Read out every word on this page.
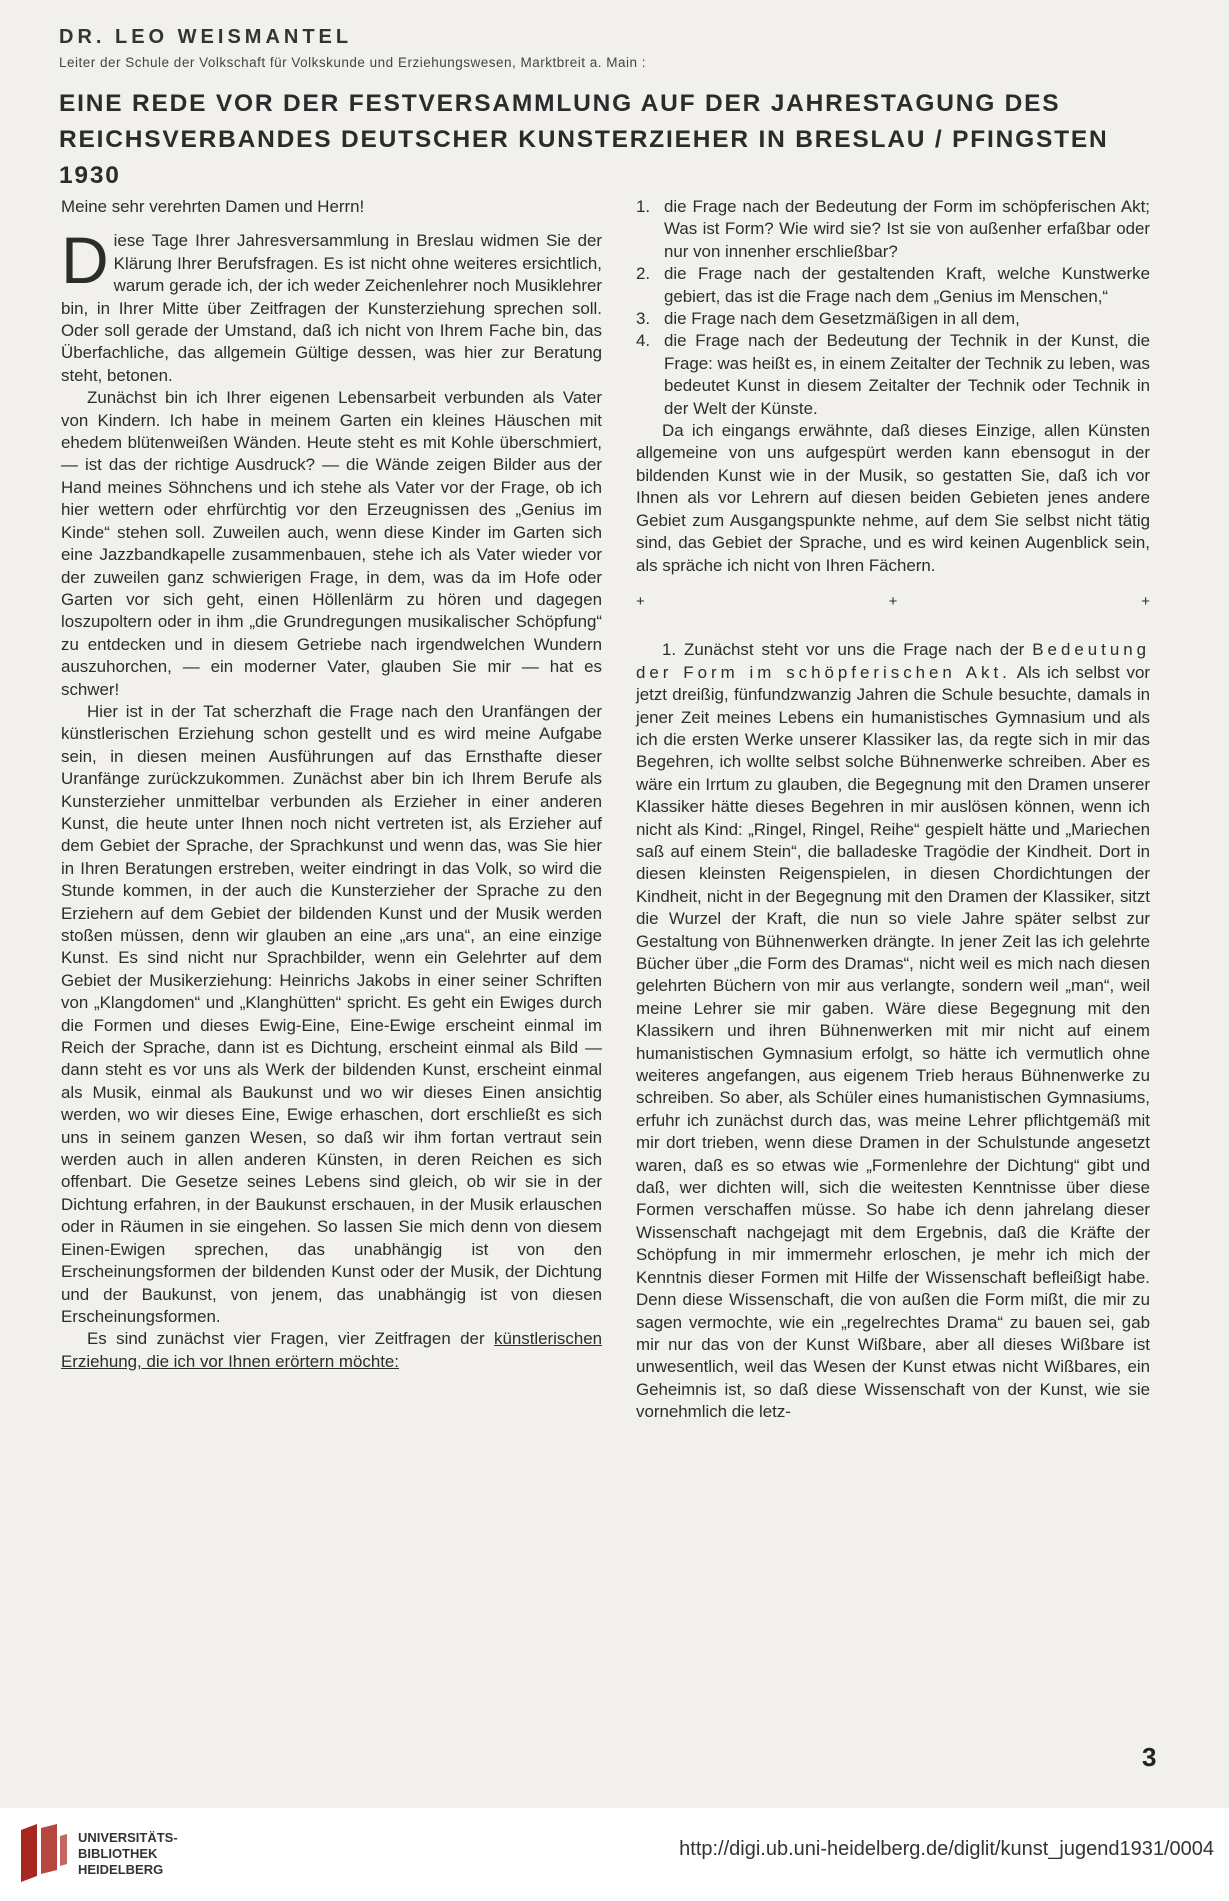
DR. LEO WEISMANTEL
Leiter der Schule der Volkschaft für Volkskunde und Erziehungswesen, Marktbreit a. Main :
EINE REDE VOR DER FESTVERSAMMLUNG AUF DER JAHRESTAGUNG DES REICHSVERBANDES DEUTSCHER KUNSTERZIEHER IN BRESLAU / PFINGSTEN 1930

Meine sehr verehrten Damen und Herrn!

Diese Tage Ihrer Jahresversammlung in Breslau widmen Sie der Klärung Ihrer Berufsfragen. Es ist nicht ohne weiteres ersichtlich, warum gerade ich, der ich weder Zeichenlehrer noch Musiklehrer bin, in Ihrer Mitte über Zeitfragen der Kunsterziehung sprechen soll. Oder soll gerade der Umstand, daß ich nicht von Ihrem Fache bin, das Überfachliche, das allgemein Gültige dessen, was hier zur Beratung steht, betonen.

Zunächst bin ich Ihrer eigenen Lebensarbeit verbunden als Vater von Kindern. Ich habe in meinem Garten ein kleines Häuschen mit ehedem blütenweißen Wänden. Heute steht es mit Kohle überschmiert, — ist das der richtige Ausdruck? — die Wände zeigen Bilder aus der Hand meines Söhnchens und ich stehe als Vater vor der Frage, ob ich hier wettern oder ehrfürchtig vor den Erzeugnissen des „Genius im Kinde“ stehen soll. Zuweilen auch, wenn diese Kinder im Garten sich eine Jazzbandkapelle zusammenbauen, stehe ich als Vater wieder vor der zuweilen ganz schwierigen Frage, in dem, was da im Hofe oder Garten vor sich geht, einen Höllenlärm zu hören und dagegen loszupoltern oder in ihm „die Grundregungen musikalischer Schöpfung“ zu entdecken und in diesem Getriebe nach irgendwelchen Wundern auszuhorchen, — ein moderner Vater, glauben Sie mir — hat es schwer!

Hier ist in der Tat scherzhaft die Frage nach den Uranfängen der künstlerischen Erziehung schon gestellt und es wird meine Aufgabe sein, in diesen meinen Ausführungen auf das Ernsthafte dieser Uranfänge zurückzukommen. Zunächst aber bin ich Ihrem Berufe als Kunsterzieher unmittelbar verbunden als Erzieher in einer anderen Kunst, die heute unter Ihnen noch nicht vertreten ist, als Erzieher auf dem Gebiet der Sprache, der Sprachkunst und wenn das, was Sie hier in Ihren Beratungen erstreben, weiter eindringt in das Volk, so wird die Stunde kommen, in der auch die Kunsterzieher der Sprache zu den Erziehern auf dem Gebiet der bildenden Kunst und der Musik werden stoßen müssen, denn wir glauben an eine „ars una“, an eine einzige Kunst. Es sind nicht nur Sprachbilder, wenn ein Gelehrter auf dem Gebiet der Musikerziehung: Heinrichs Jakobs in einer seiner Schriften von „Klangdomen“ und „Klanghütten“ spricht. Es geht ein Ewiges durch die Formen und dieses Ewig-Eine, Eine-Ewige erscheint einmal im Reich der Sprache, dann ist es Dichtung, erscheint einmal als Bild — dann steht es vor uns als Werk der bildenden Kunst, erscheint einmal als Musik, einmal als Baukunst und wo wir dieses Einen ansichtig werden, wo wir dieses Eine, Ewige erhaschen, dort erschließt es sich uns in seinem ganzen Wesen, so daß wir ihm fortan vertraut sein werden auch in allen anderen Künsten, in deren Reichen es sich offenbart. Die Gesetze seines Lebens sind gleich, ob wir sie in der Dichtung erfahren, in der Baukunst erschauen, in der Musik erlauschen oder in Räumen in sie eingehen. So lassen Sie mich denn von diesem Einen-Ewigen sprechen, das unabhängig ist von den Erscheinungsformen der bildenden Kunst oder der Musik, der Dichtung und der Baukunst, von jenem, das unabhängig ist von diesen Erscheinungsformen.

Es sind zunächst vier Fragen, vier Zeitfragen der künstlerischen Erziehung, die ich vor Ihnen erörtern möchte:

1. die Frage nach der Bedeutung der Form im schöpferischen Akt; Was ist Form? Wie wird sie? Ist sie von außenher erfaßbar oder nur von innenher erschließbar?
2. die Frage nach der gestaltenden Kraft, welche Kunstwerke gebiert, das ist die Frage nach dem „Genius im Menschen,“
3. die Frage nach dem Gesetzmäßigen in all dem,
4. die Frage nach der Bedeutung der Technik in der Kunst, die Frage: was heißt es, in einem Zeitalter der Technik zu leben, was bedeutet Kunst in diesem Zeitalter der Technik oder Technik in der Welt der Künste.

Da ich eingangs erwähnte, daß dieses Einzige, allen Künsten allgemeine von uns aufgespürt werden kann ebensogut in der bildenden Kunst wie in der Musik, so gestatten Sie, daß ich vor Ihnen als vor Lehrern auf diesen beiden Gebieten jenes andere Gebiet zum Ausgangspunkte nehme, auf dem Sie selbst nicht tätig sind, das Gebiet der Sprache, und es wird keinen Augenblick sein, als spräche ich nicht von Ihren Fächern.

+	+	+

1. Zunächst steht vor uns die Frage nach der Bedeutung der Form im schöpferischen Akt. Als ich selbst vor jetzt dreißig, fünfundzwanzig Jahren die Schule besuchte, damals in jener Zeit meines Lebens ein humanistisches Gymnasium und als ich die ersten Werke unserer Klassiker las, da regte sich in mir das Begehren, ich wollte selbst solche Bühnenwerke schreiben. Aber es wäre ein Irrtum zu glauben, die Begegnung mit den Dramen unserer Klassiker hätte dieses Begehren in mir auslösen können, wenn ich nicht als Kind: „Ringel, Ringel, Reihe“ gespielt hätte und „Mariechen saß auf einem Stein“, die balladeske Tragödie der Kindheit. Dort in diesen kleinsten Reigenspielen, in diesen Chordichtungen der Kindheit, nicht in der Begegnung mit den Dramen der Klassiker, sitzt die Wurzel der Kraft, die nun so viele Jahre später selbst zur Gestaltung von Bühnenwerken drängte. In jener Zeit las ich gelehrte Bücher über „die Form des Dramas“, nicht weil es mich nach diesen gelehrten Büchern von mir aus verlangte, sondern weil „man“, weil meine Lehrer sie mir gaben. Wäre diese Begegnung mit den Klassikern und ihren Bühnenwerken mit mir nicht auf einem humanistischen Gymnasium erfolgt, so hätte ich vermutlich ohne weiteres angefangen, aus eigenem Trieb heraus Bühnenwerke zu schreiben. So aber, als Schüler eines humanistischen Gymnasiums, erfuhr ich zunächst durch das, was meine Lehrer pflichtgemäß mit mir dort trieben, wenn diese Dramen in der Schulstunde angesetzt waren, daß es so etwas wie „Formenlehre der Dichtung“ gibt und daß, wer dichten will, sich die weitesten Kenntnisse über diese Formen verschaffen müsse. So habe ich denn jahrelang dieser Wissenschaft nachgejagt mit dem Ergebnis, daß die Kräfte der Schöpfung in mir immermehr erloschen, je mehr ich mich der Kenntnis dieser Formen mit Hilfe der Wissenschaft befleißigt habe. Denn diese Wissenschaft, die von außen die Form mißt, die mir zu sagen vermochte, wie ein „regelrechtes Drama“ zu bauen sei, gab mir nur das von der Kunst Wißbare, aber all dieses Wißbare ist unwesentlich, weil das Wesen der Kunst etwas nicht Wißbares, ein Geheimnis ist, so daß diese Wissenschaft von der Kunst, wie sie vornehmlich die letz-

3
UNIVERSITÄTS-
BIBLIOTHEK
HEIDELBERG
http://digi.ub.uni-heidelberg.de/diglit/kunst_jugend1931/0004
